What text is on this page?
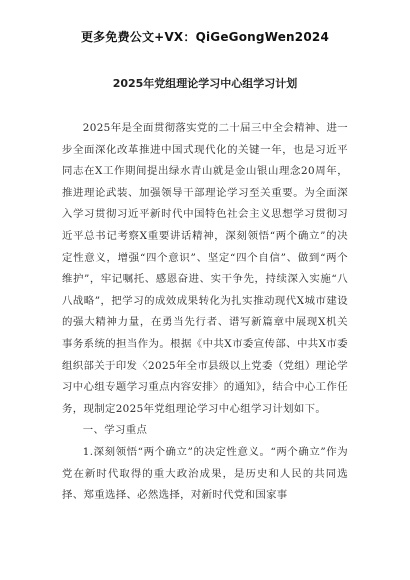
更多免费公文+VX：QiGeGongWen2024
2025年党组理论学习中心组学习计划

2025年是全面贯彻落实党的二十届三中全会精神、进一步全面深化改革推进中国式现代化的关键一年，也是习近平同志在X工作期间提出绿水青山就是金山银山理念20周年，推进理论武装、加强领导干部理论学习至关重要。为全面深入学习贯彻习近平新时代中国特色社会主义思想学习贯彻习近平总书记考察X重要讲话精神，深刻领悟“两个确立”的决定性意义，增强“四个意识”、坚定“四个自信”、做到“两个维护”，牢记嘱托、感恩奋进、实干争先，持续深入实施“八八战略”，把学习的成效成果转化为扎实推动现代X城市建设的强大精神力量，在勇当先行者、谱写新篇章中展现X机关事务系统的担当作为。根据《中共X市委宣传部、中共X市委组织部关于印发〈2025年全市县级以上党委（党组）理论学习中心组专题学习重点内容安排〉的通知》，结合中心工作任务，现制定2025年党组理论学习中心组学习计划如下。

一、学习重点

1.深刻领悟“两个确立”的决定性意义。“两个确立”作为党在新时代取得的重大政治成果，是历史和人民的共同选择、郑重选择、必然选择，对新时代党和国家事
